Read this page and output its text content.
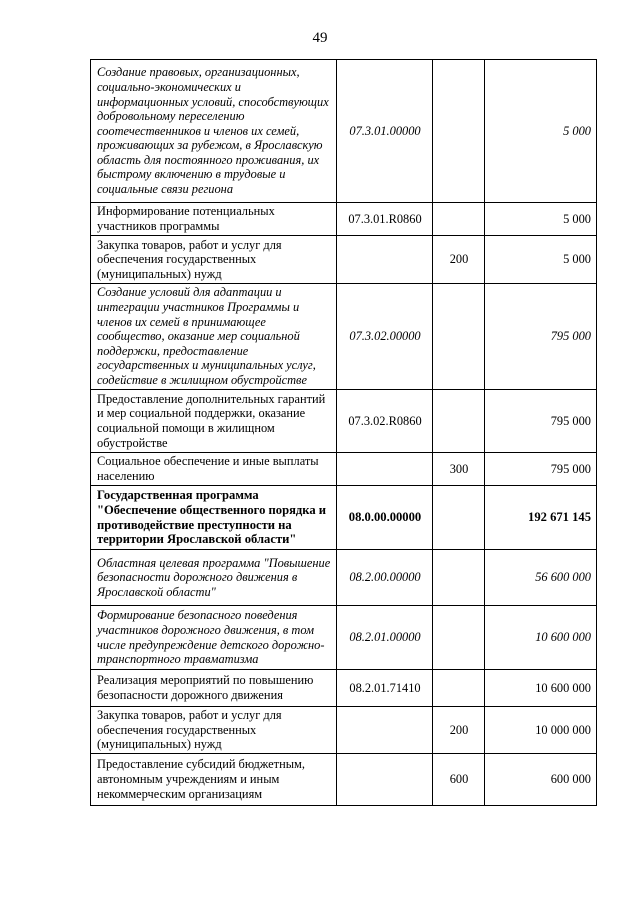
49
Создание правовых, организационных, социально-экономических и информационных условий, способствующих добровольному переселению соотечественников и членов их семей, проживающих за рубежом, в Ярославскую область для постоянного проживания, их быстрому включению в трудовые и социальные связи региона	07.3.01.00000		5 000
Информирование потенциальных участников программы	07.3.01.R0860		5 000
Закупка товаров, работ и услуг для обеспечения государственных (муниципальных) нужд		200	5 000
Создание условий для адаптации и интеграции участников Программы и членов их семей в принимающее сообщество, оказание мер социальной поддержки, предоставление государственных и муниципальных услуг, содействие в жилищном обустройстве	07.3.02.00000		795 000
Предоставление дополнительных гарантий и мер социальной поддержки, оказание социальной помощи в жилищном обустройстве	07.3.02.R0860		795 000
Социальное обеспечение и иные выплаты населению		300	795 000
Государственная программа "Обеспечение общественного порядка и противодействие преступности на территории Ярославской области"	08.0.00.00000		192 671 145
Областная целевая программа "Повышение безопасности дорожного движения в Ярославской области"	08.2.00.00000		56 600 000
Формирование безопасного поведения участников дорожного движения, в том числе предупреждение детского дорожно-транспортного травматизма	08.2.01.00000		10 600 000
Реализация мероприятий по повышению безопасности дорожного движения	08.2.01.71410		10 600 000
Закупка товаров, работ и услуг для обеспечения государственных (муниципальных) нужд		200	10 000 000
Предоставление субсидий бюджетным, автономным учреждениям и иным некоммерческим организациям		600	600 000
